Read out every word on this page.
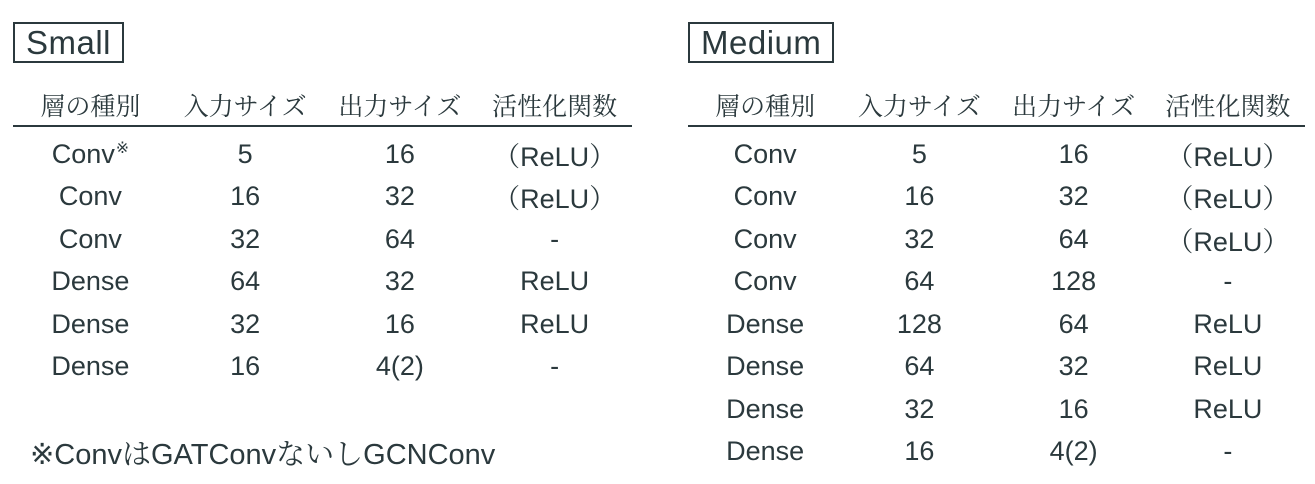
Small
層の種別	入力サイズ	出力サイズ	活性化関数
Conv※	5	16	（ReLU）
Conv	16	32	（ReLU）
Conv	32	64	-
Dense	64	32	ReLU
Dense	32	16	ReLU
Dense	16	4(2)	-
※ConvはGATConvないしGCNConv
Medium
層の種別	入力サイズ	出力サイズ	活性化関数
Conv	5	16	（ReLU）
Conv	16	32	（ReLU）
Conv	32	64	（ReLU）
Conv	64	128	-
Dense	128	64	ReLU
Dense	64	32	ReLU
Dense	32	16	ReLU
Dense	16	4(2)	-
